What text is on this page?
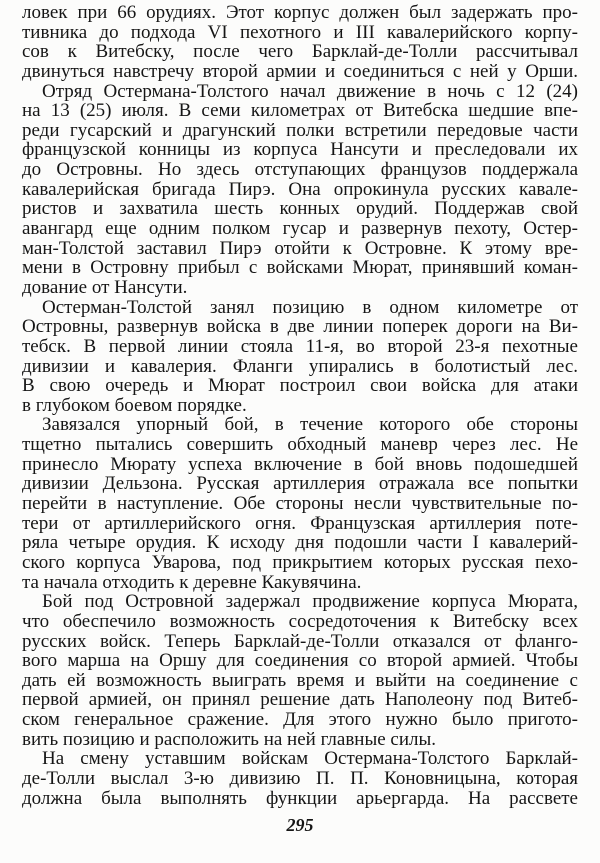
ловек при 66 орудиях. Этот корпус должен был задержать про-
тивника до подхода VI пехотного и III кавалерийского корпу-
сов к Витебску, после чего Барклай-де-Толли рассчитывал
двинуться навстречу второй армии и соединиться с ней у Орши.
Отряд Остермана-Толстого начал движение в ночь с 12 (24)
на 13 (25) июля. В семи километрах от Витебска шедшие впе-
реди гусарский и драгунский полки встретили передовые части
французской конницы из корпуса Нансути и преследовали их
до Островны. Но здесь отступающих французов поддержала
кавалерийская бригада Пирэ. Она опрокинула русских кавале-
ристов и захватила шесть конных орудий. Поддержав свой
авангард еще одним полком гусар и развернув пехоту, Остер-
ман-Толстой заставил Пирэ отойти к Островне. К этому вре-
мени в Островну прибыл с войсками Мюрат, принявший коман-
дование от Нансути.
Остерман-Толстой занял позицию в одном километре от
Островны, развернув войска в две линии поперек дороги на Ви-
тебск. В первой линии стояла 11-я, во второй 23-я пехотные
дивизии и кавалерия. Фланги упирались в болотистый лес.
В свою очередь и Мюрат построил свои войска для атаки
в глубоком боевом порядке.
Завязался упорный бой, в течение которого обе стороны
тщетно пытались совершить обходный маневр через лес. Не
принесло Мюрату успеха включение в бой вновь подошедшей
дивизии Дельзона. Русская артиллерия отражала все попытки
перейти в наступление. Обе стороны несли чувствительные по-
тери от артиллерийского огня. Французская артиллерия поте-
ряла четыре орудия. К исходу дня подошли части I кавалерий-
ского корпуса Уварова, под прикрытием которых русская пехо-
та начала отходить к деревне Какувячина.
Бой под Островной задержал продвижение корпуса Мюрата,
что обеспечило возможность сосредоточения к Витебску всех
русских войск. Теперь Барклай-де-Толли отказался от фланго-
вого марша на Оршу для соединения со второй армией. Чтобы
дать ей возможность выиграть время и выйти на соединение с
первой армией, он принял решение дать Наполеону под Витеб-
ском генеральное сражение. Для этого нужно было пригото-
вить позицию и расположить на ней главные силы.
На смену уставшим войскам Остермана-Толстого Барклай-
де-Толли выслал 3-ю дивизию П. П. Коновницына, которая
должна была выполнять функции арьергарда. На рассвете
295
